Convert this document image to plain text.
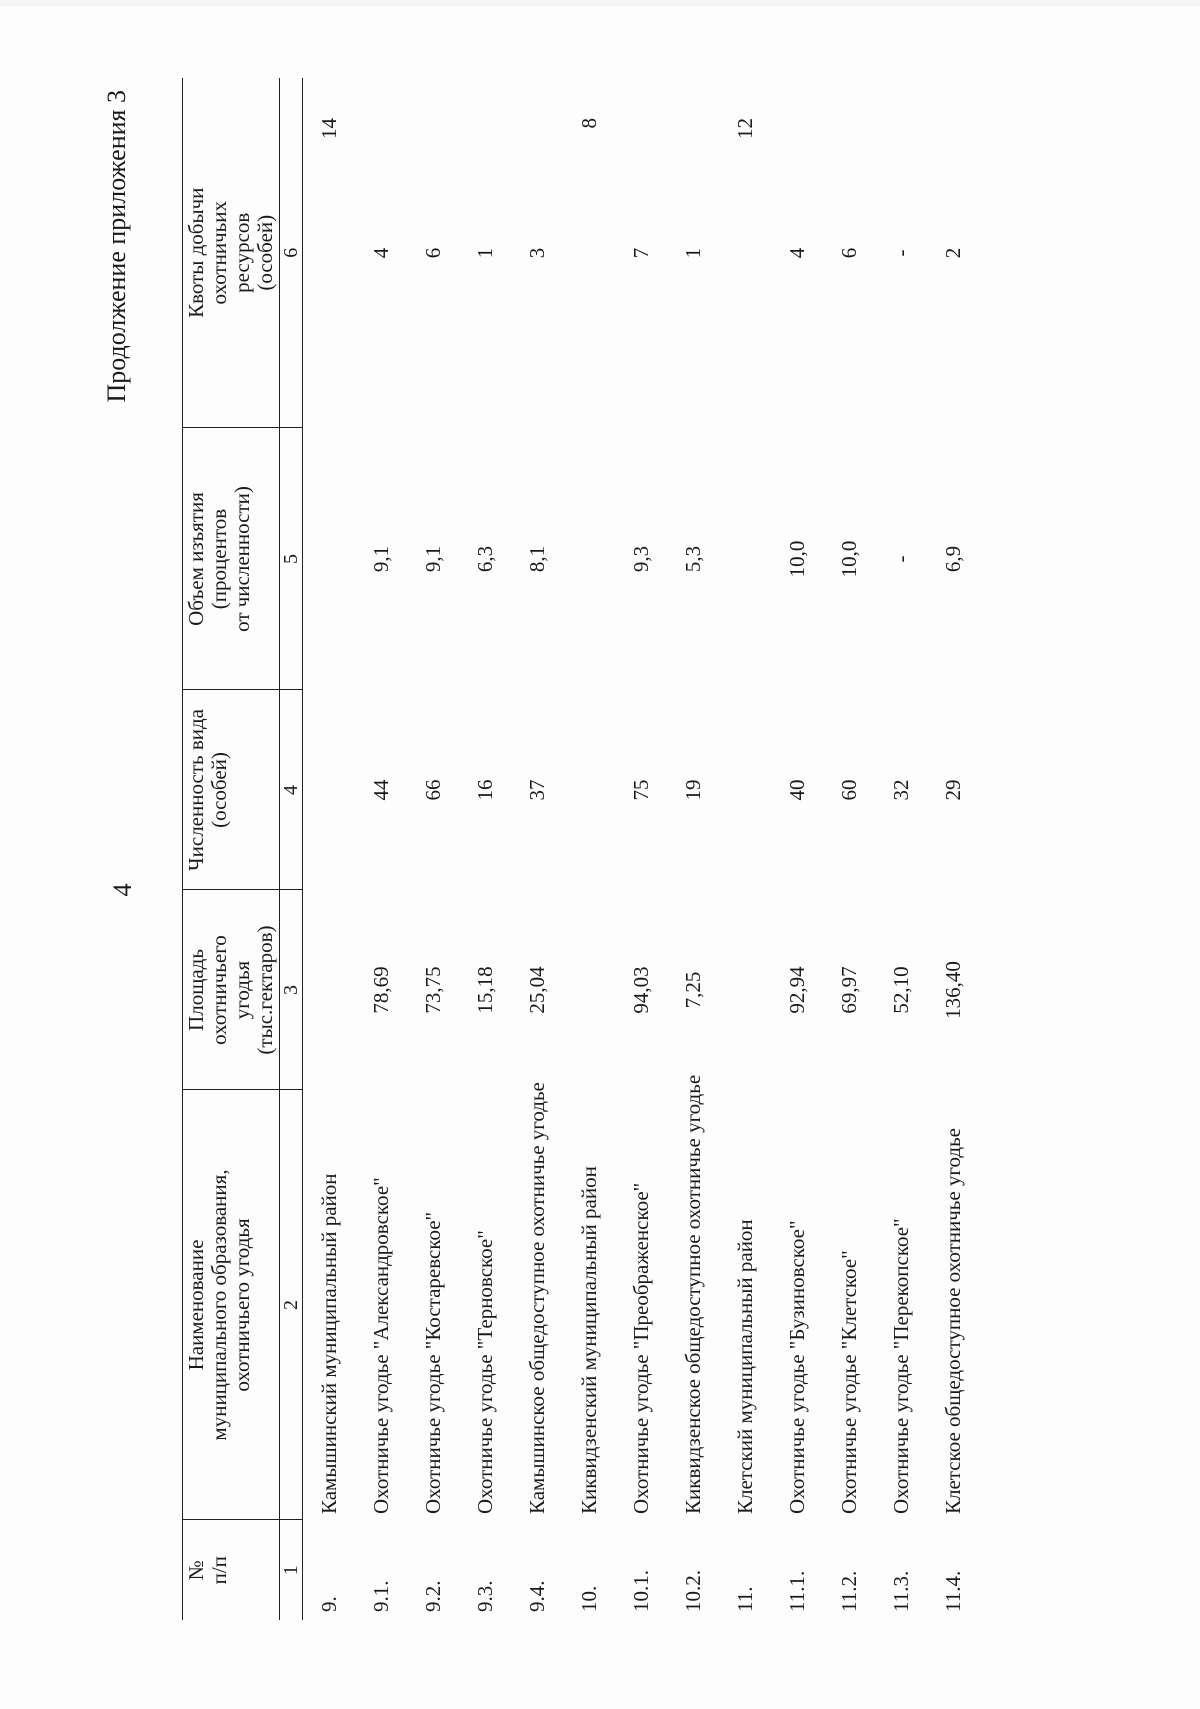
4
Продолжение приложения 3
№
п/п	Наименование
муниципального образования,
охотничьего угодья	Площадь
охотничьего
угодья
(тыс.гектаров)	Численность вида
(особей)	Объем изъятия
(процентов
от численности)	Квоты добычи
охотничьих
ресурсов
(особей)
1	2	3	4	5	6
9.	Камышинский муниципальный район				14
9.1.	Охотничье угодье "Александровское"	78,69	44	9,1	4
9.2.	Охотничье угодье "Костаревское"	73,75	66	9,1	6
9.3.	Охотничье угодье "Терновское"	15,18	16	6,3	1
9.4.	Камышинское общедоступное охотничье угодье	25,04	37	8,1	3
10.	Киквидзенский муниципальный район				8
10.1.	Охотничье угодье "Преображенское"	94,03	75	9,3	7
10.2.	Киквидзенское общедоступное охотничье угодье	7,25	19	5,3	1
11.	Клетский муниципальный район				12
11.1.	Охотничье угодье "Бузиновское"	92,94	40	10,0	4
11.2.	Охотничье угодье "Клетское"	69,97	60	10,0	6
11.3.	Охотничье угодье "Перекопское"	52,10	32	-	-
11.4.	Клетское общедоступное охотничье угодье	136,40	29	6,9	2
